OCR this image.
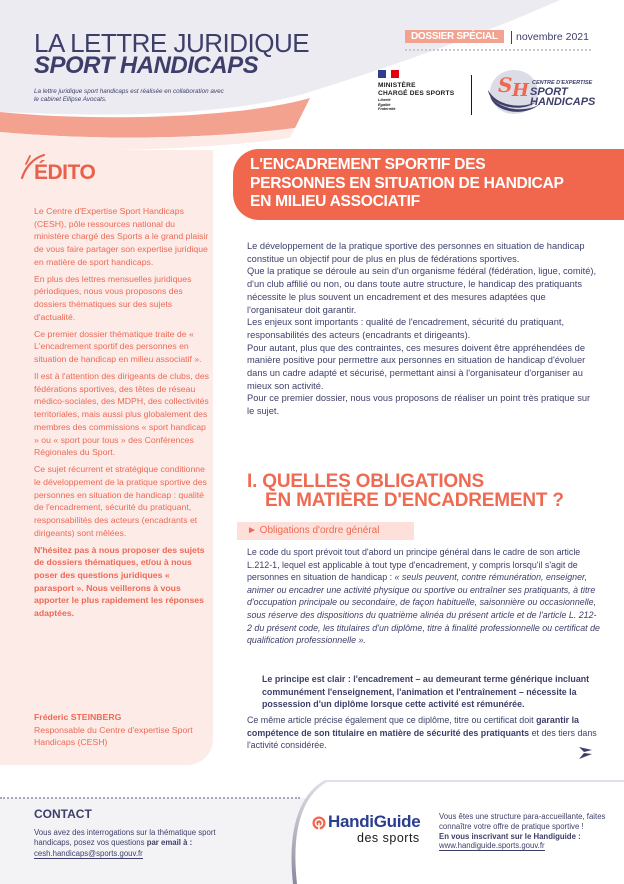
LA LETTRE JURIDIQUE
SPORT HANDICAPS
La lettre juridique sport handicaps est réalisée en collaboration avec le cabinet Ellipse Avocats.
DOSSIER SPÉCIAL	novembre 2021
MINISTÈRE
CHARGÉ DES SPORTS
Liberté
Égalité
Fraternité
S H CENTRE D'EXPERTISE
SPORT
HANDICAPS
ÉDITO

Le Centre d'Expertise Sport Handicaps (CESH), pôle ressources national du ministère chargé des Sports a le grand plaisir de vous faire partager son expertise juridique en matière de sport handicaps.

En plus des lettres mensuelles juridiques périodiques, nous vous proposons des dossiers thématiques sur des sujets d'actualité.

Ce premier dossier thématique traite de « L'encadrement sportif des personnes en situation de handicap en milieu associatif ».

Il est à l'attention des dirigeants de clubs, des fédérations sportives, des têtes de réseau médico-sociales, des MDPH, des collectivités territoriales, mais aussi plus globalement des membres des commissions « sport handicap » ou « sport pour tous » des Conférences Régionales du Sport.

Ce sujet récurrent et stratégique conditionne le développement de la pratique sportive des personnes en situation de handicap : qualité de l'encadrement, sécurité du pratiquant, responsabilités des acteurs (encadrants et dirigeants) sont mêlées.

N'hésitez pas à nous proposer des sujets de dossiers thématiques, et/ou à nous poser des questions juridiques « parasport ». Nous veillerons à vous apporter le plus rapidement les réponses adaptées.

Fréderic STEINBERG
Responsable du Centre d'expertise Sport Handicaps (CESH)
L'ENCADREMENT SPORTIF DES
PERSONNES EN SITUATION DE HANDICAP
EN MILIEU ASSOCIATIF

Le développement de la pratique sportive des personnes en situation de handicap constitue un objectif pour de plus en plus de fédérations sportives.

Que la pratique se déroule au sein d'un organisme fédéral (fédération, ligue, comité), d'un club affilié ou non, ou dans toute autre structure, le handicap des pratiquants nécessite le plus souvent un encadrement et des mesures adaptées que l'organisateur doit garantir.

Les enjeux sont importants : qualité de l'encadrement, sécurité du pratiquant, responsabilités des acteurs (encadrants et dirigeants).

Pour autant, plus que des contraintes, ces mesures doivent être appréhendées de manière positive pour permettre aux personnes en situation de handicap d'évoluer dans un cadre adapté et sécurisé, permettant ainsi à l'organisateur d'organiser au mieux son activité.

Pour ce premier dossier, nous vous proposons de réaliser un point très pratique sur le sujet.

I. QUELLES OBLIGATIONS
EN MATIÈRE D'ENCADREMENT ?
► Obligations d'ordre général

Le code du sport prévoit tout d'abord un principe général dans le cadre de son article L.212-1, lequel est applicable à tout type d'encadrement, y compris lorsqu'il s'agit de personnes en situation de handicap : « seuls peuvent, contre rémunération, enseigner, animer ou encadrer une activité physique ou sportive ou entraîner ses pratiquants, à titre d'occupation principale ou secondaire, de façon habituelle, saisonnière ou occasionnelle, sous réserve des dispositions du quatrième alinéa du présent article et de l'article L. 212-2 du présent code, les titulaires d'un diplôme, titre à finalité professionnelle ou certificat de qualification professionnelle ».

Le principe est clair : l'encadrement – au demeurant terme générique incluant communément l'enseignement, l'animation et l'entraînement – nécessite la possession d'un diplôme lorsque cette activité est rémunérée.
Ce même article précise également que ce diplôme, titre ou certificat doit garantir la compétence de son titulaire en matière de sécurité des pratiquants et des tiers dans l'activité considérée.
CONTACT
Vous avez des interrogations sur la thématique sport handicaps, posez vos questions par email à :
cesh.handicaps@sports.gouv.fr
HandiGuide
des sports
Vous êtes une structure para-accueillante, faites connaître votre offre de pratique sportive !
En vous inscrivant sur le Handiguide :
www.handiguide.sports.gouv.fr
